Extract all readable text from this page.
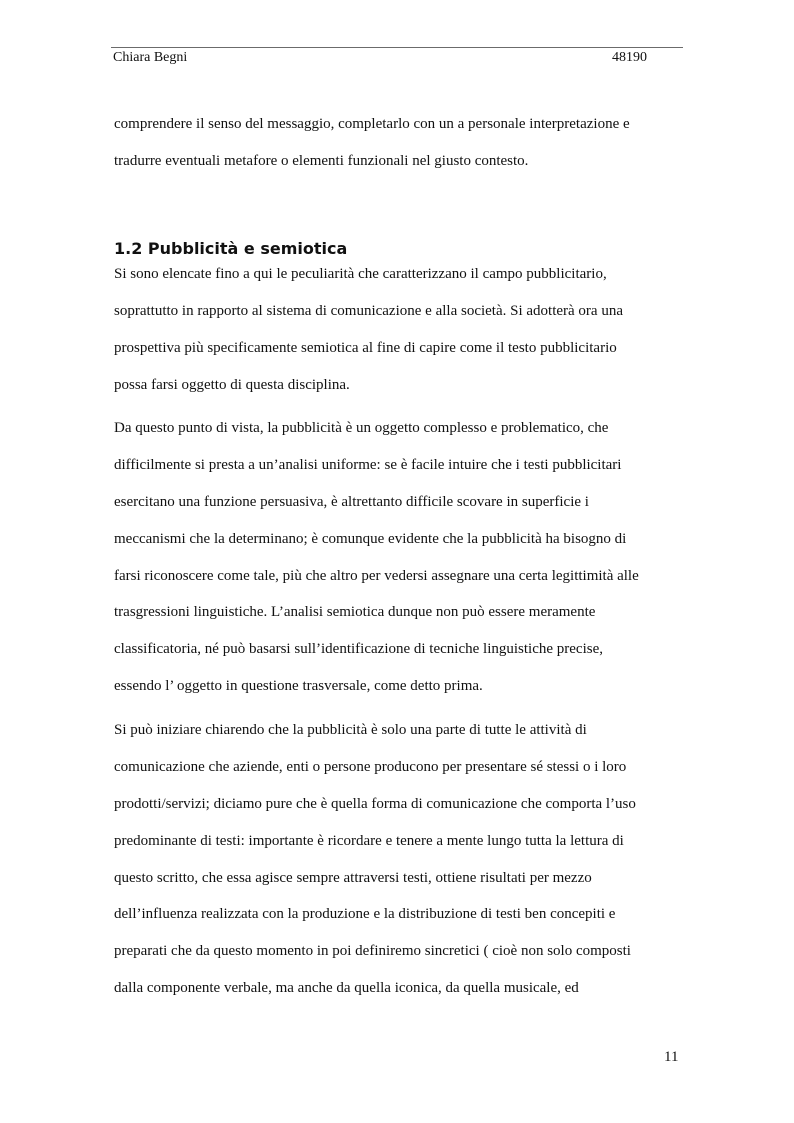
Chiara Begni	48190

comprendere il senso del messaggio, completarlo con un a personale interpretazione e
tradurre eventuali metafore o elementi funzionali nel giusto contesto.

1.2 Pubblicità e semiotica

Si sono elencate fino a qui le peculiarità che caratterizzano il campo pubblicitario,
soprattutto in rapporto al sistema di comunicazione e alla società. Si adotterà ora una
prospettiva più specificamente semiotica al fine di capire come il testo pubblicitario
possa farsi oggetto di questa disciplina.

Da questo punto di vista, la pubblicità è un oggetto complesso e problematico, che
difficilmente si presta a un’analisi uniforme: se è facile intuire che i testi pubblicitari
esercitano una funzione persuasiva, è altrettanto difficile scovare in superficie i
meccanismi che la determinano; è comunque evidente che la pubblicità ha bisogno di
farsi riconoscere come tale, più che altro per vedersi assegnare una certa legittimità alle
trasgressioni linguistiche. L’analisi semiotica dunque non può essere meramente
classificatoria, né può basarsi sull’identificazione di tecniche linguistiche precise,
essendo l’ oggetto in questione trasversale, come detto prima.

Si può iniziare chiarendo che la pubblicità è solo una parte di tutte le attività di
comunicazione che aziende, enti o persone producono per presentare sé stessi o i loro
prodotti/servizi; diciamo pure che è quella forma di comunicazione che comporta l’uso
predominante di testi: importante è ricordare e tenere a mente lungo tutta la lettura di
questo scritto, che essa agisce sempre attraversi testi, ottiene risultati per mezzo
dell’influenza realizzata con la produzione e la distribuzione di testi ben concepiti e
preparati che da questo momento in poi definiremo sincretici ( cioè non solo composti
dalla componente verbale, ma anche da quella iconica, da quella musicale, ed

11
